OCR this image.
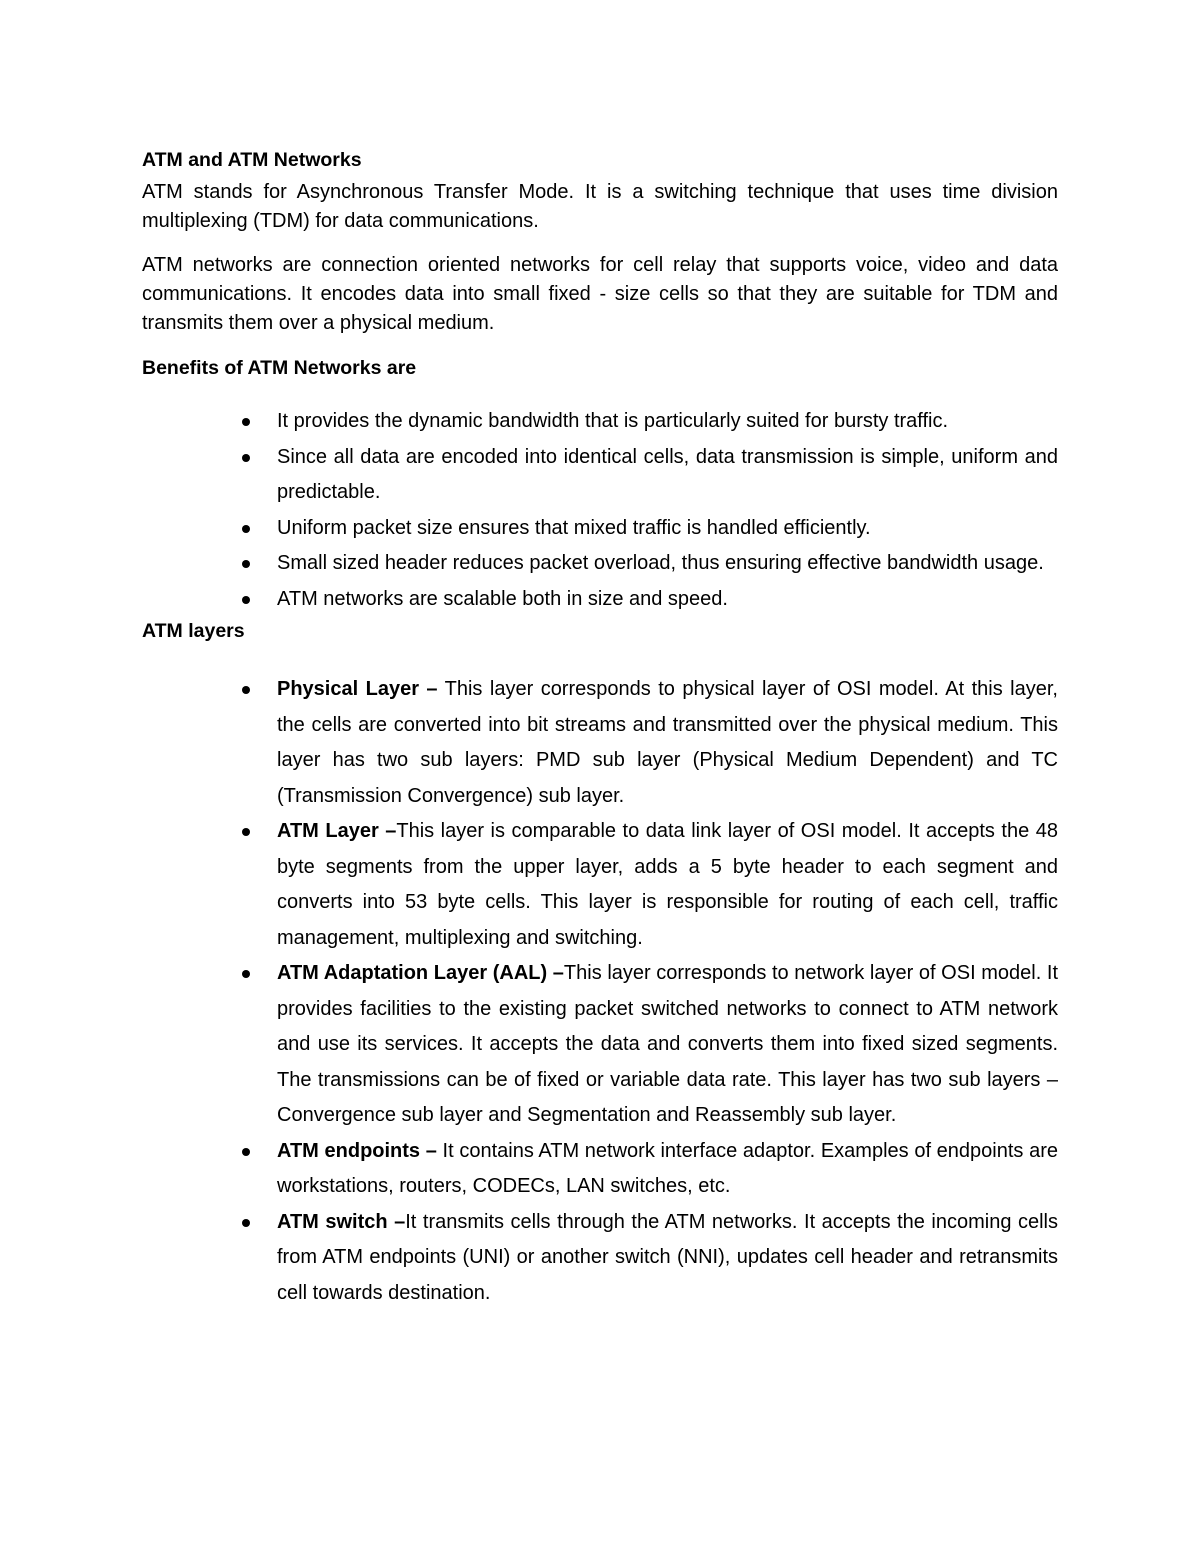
ATM and ATM Networks

ATM stands for Asynchronous Transfer Mode. It is a switching technique that uses time division multiplexing (TDM) for data communications.

ATM networks are connection oriented networks for cell relay that supports voice, video and data communications. It encodes data into small fixed - size cells so that they are suitable for TDM and transmits them over a physical medium.

Benefits of ATM Networks are

It provides the dynamic bandwidth that is particularly suited for bursty traffic.
Since all data are encoded into identical cells, data transmission is simple, uniform and predictable.
Uniform packet size ensures that mixed traffic is handled efficiently.
Small sized header reduces packet overload, thus ensuring effective bandwidth usage.
ATM networks are scalable both in size and speed.

ATM layers

Physical Layer – This layer corresponds to physical layer of OSI model. At this layer, the cells are converted into bit streams and transmitted over the physical medium. This layer has two sub layers: PMD sub layer (Physical Medium Dependent) and TC (Transmission Convergence) sub layer.
ATM Layer –This layer is comparable to data link layer of OSI model. It accepts the 48 byte segments from the upper layer, adds a 5 byte header to each segment and converts into 53 byte cells. This layer is responsible for routing of each cell, traffic management, multiplexing and switching.
ATM Adaptation Layer (AAL) –This layer corresponds to network layer of OSI model. It provides facilities to the existing packet switched networks to connect to ATM network and use its services. It accepts the data and converts them into fixed sized segments. The transmissions can be of fixed or variable data rate. This layer has two sub layers – Convergence sub layer and Segmentation and Reassembly sub layer.
ATM endpoints – It contains ATM network interface adaptor. Examples of endpoints are workstations, routers, CODECs, LAN switches, etc.
ATM switch –It transmits cells through the ATM networks. It accepts the incoming cells from ATM endpoints (UNI) or another switch (NNI), updates cell header and retransmits cell towards destination.
